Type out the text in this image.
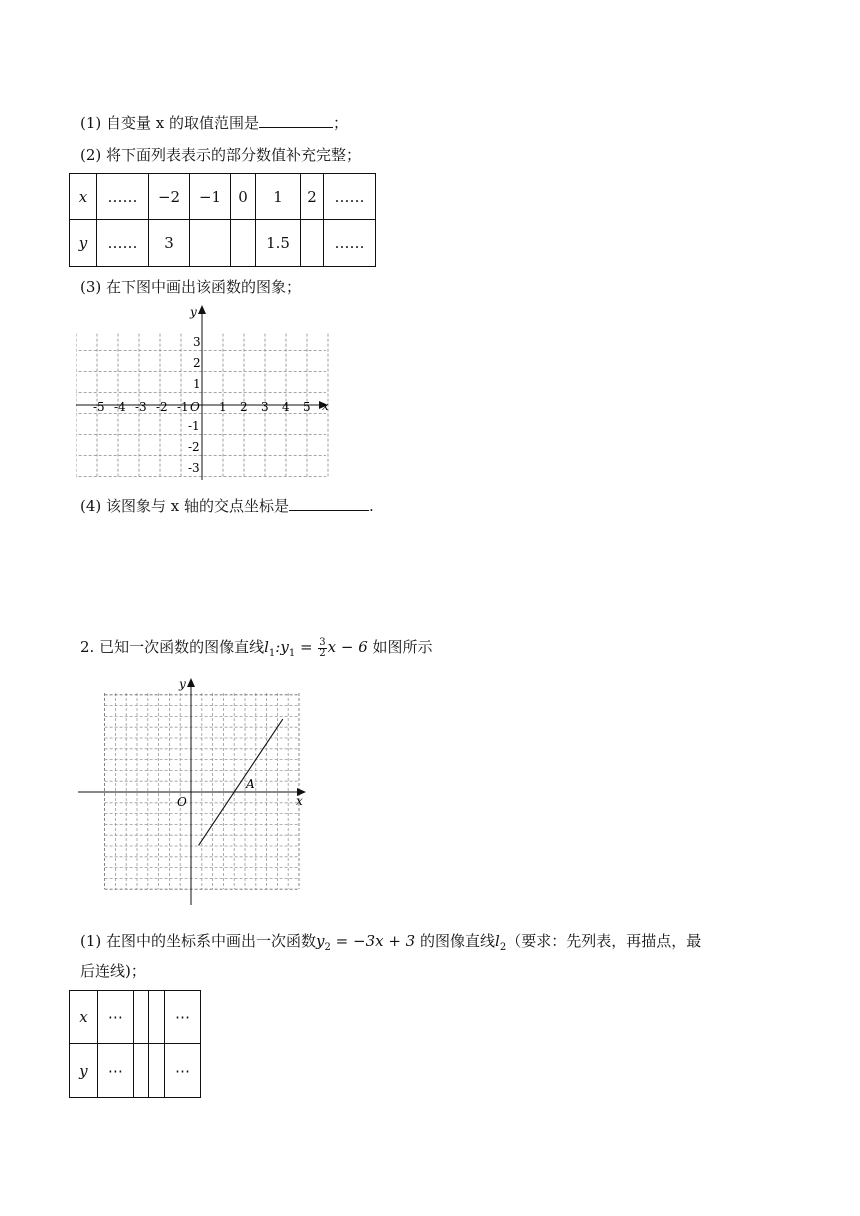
(1) 自变量 x 的取值范围是	；
(2) 将下面列表表示的部分数值补充完整；
x	……	−2	−1	0	1	2	……
y	……	3			1.5		……
(3) 在下图中画出该函数的图象；
x
y
O
-5 -4 -3 -2 -1	1 2 3 4 5
3
2
1
-1
-2
-3
(4) 该图象与 x 轴的交点坐标是	.
2. 已知一次函数的图像直线$l_1:y_1 = \frac{3}{2}$ x − 6 如图所示
x
y
O
A
(1) 在图中的坐标系中画出一次函数$y_2 = -3x + 3$ 的图像直线$l_2$（要求：先列表，再描点，最
后连线)；
x	⋯			⋯
y	⋯			⋯
